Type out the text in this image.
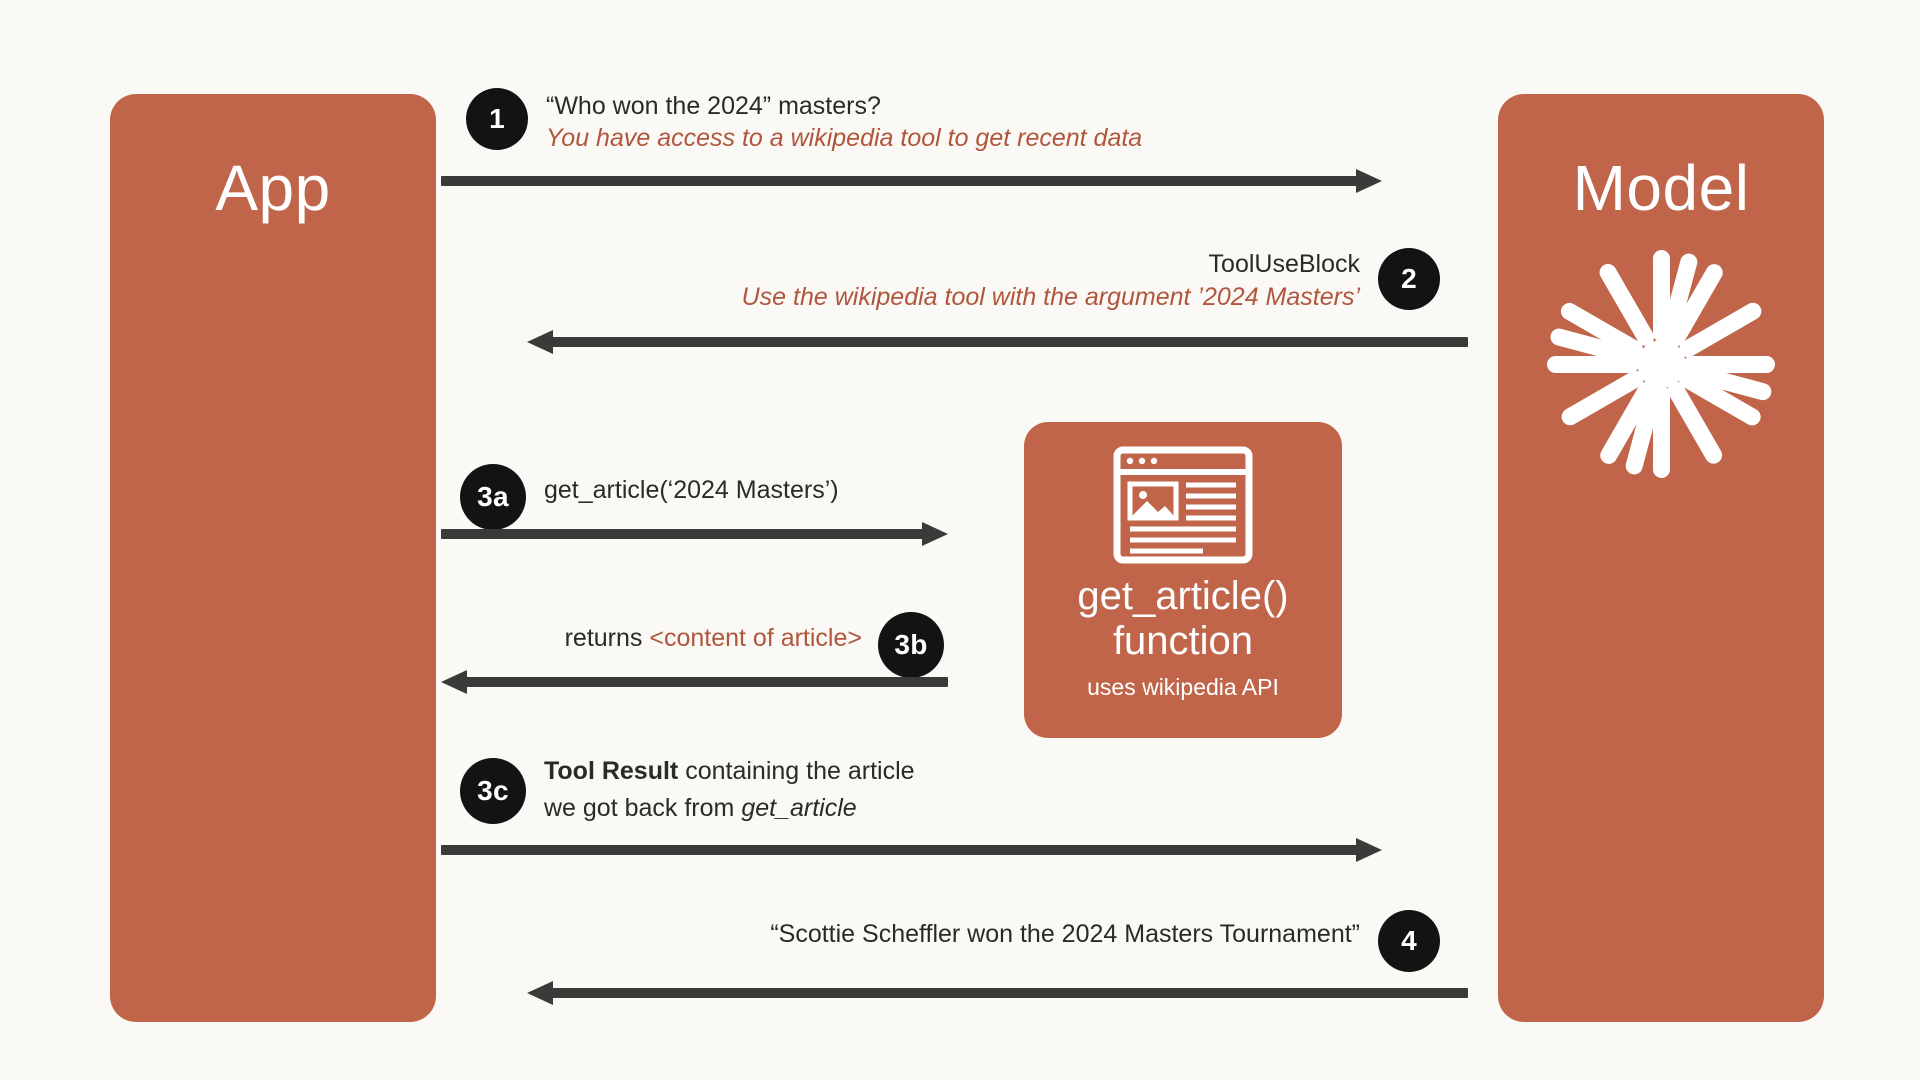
App	Model
1	“Who won the 2024” masters?
You have access to a wikipedia tool to get recent data
2
ToolUseBlock
Use the wikipedia tool with the argument ’2024 Masters’
3a	get_article(‘2024 Masters’)
get_article()
function
uses wikipedia API
3b
returns <content of article>
3c
Tool Result containing the article
we got back from get_article
4
“Scottie Scheffler won the 2024 Masters Tournament”
